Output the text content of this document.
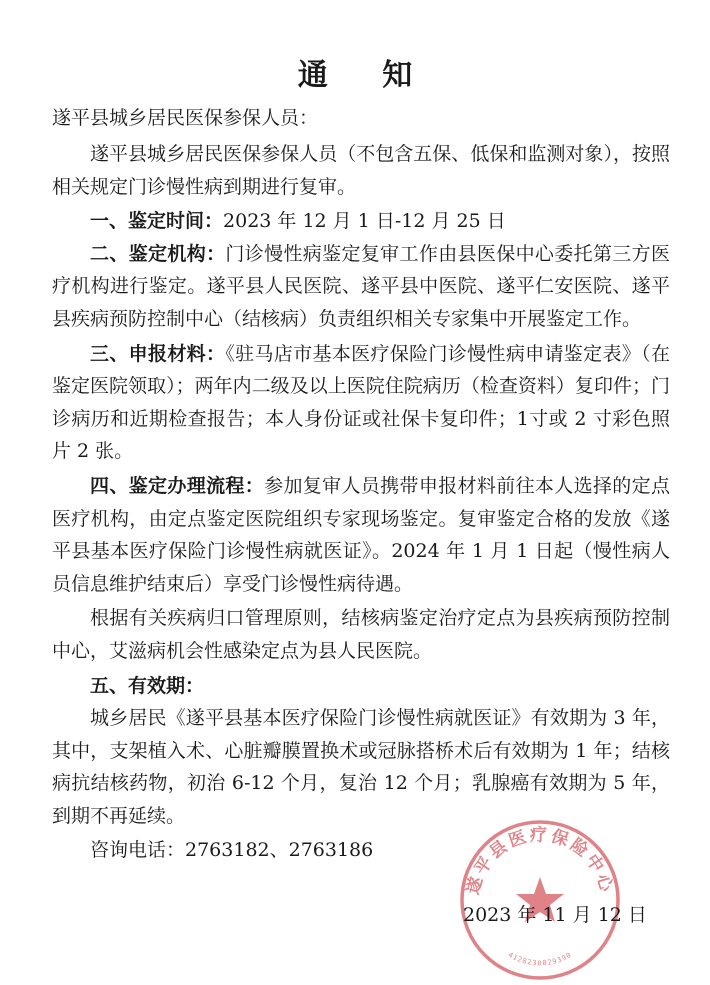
通 知
遂平县城乡居民医保参保人员：

遂平县城乡居民医保参保人员（不包含五保、低保和监测对象），按照相关规定门诊慢性病到期进行复审。

一、鉴定时间：2023 年 12 月 1 日-12 月 25 日

二、鉴定机构：门诊慢性病鉴定复审工作由县医保中心委托第三方医疗机构进行鉴定。遂平县人民医院、遂平县中医院、遂平仁安医院、遂平县疾病预防控制中心（结核病）负责组织相关专家集中开展鉴定工作。

三、申报材料：《驻马店市基本医疗保险门诊慢性病申请鉴定表》（在鉴定医院领取）；两年内二级及以上医院住院病历（检查资料）复印件；门诊病历和近期检查报告；本人身份证或社保卡复印件；1寸或 2 寸彩色照片 2 张。

四、鉴定办理流程：参加复审人员携带申报材料前往本人选择的定点医疗机构，由定点鉴定医院组织专家现场鉴定。复审鉴定合格的发放《遂平县基本医疗保险门诊慢性病就医证》。2024 年 1 月 1 日起（慢性病人员信息维护结束后）享受门诊慢性病待遇。

根据有关疾病归口管理原则，结核病鉴定治疗定点为县疾病预防控制中心，艾滋病机会性感染定点为县人民医院。

五、有效期：

城乡居民《遂平县基本医疗保险门诊慢性病就医证》有效期为 3 年，其中，支架植入术、心脏瓣膜置换术或冠脉搭桥术后有效期为 1 年；结核病抗结核药物，初治 6-12 个月，复治 12 个月；乳腺癌有效期为 5 年，到期不再延续。

咨询电话：2763182、2763186

遂平县医疗保险中心
4128230029390
2023 年 11 月 12 日
